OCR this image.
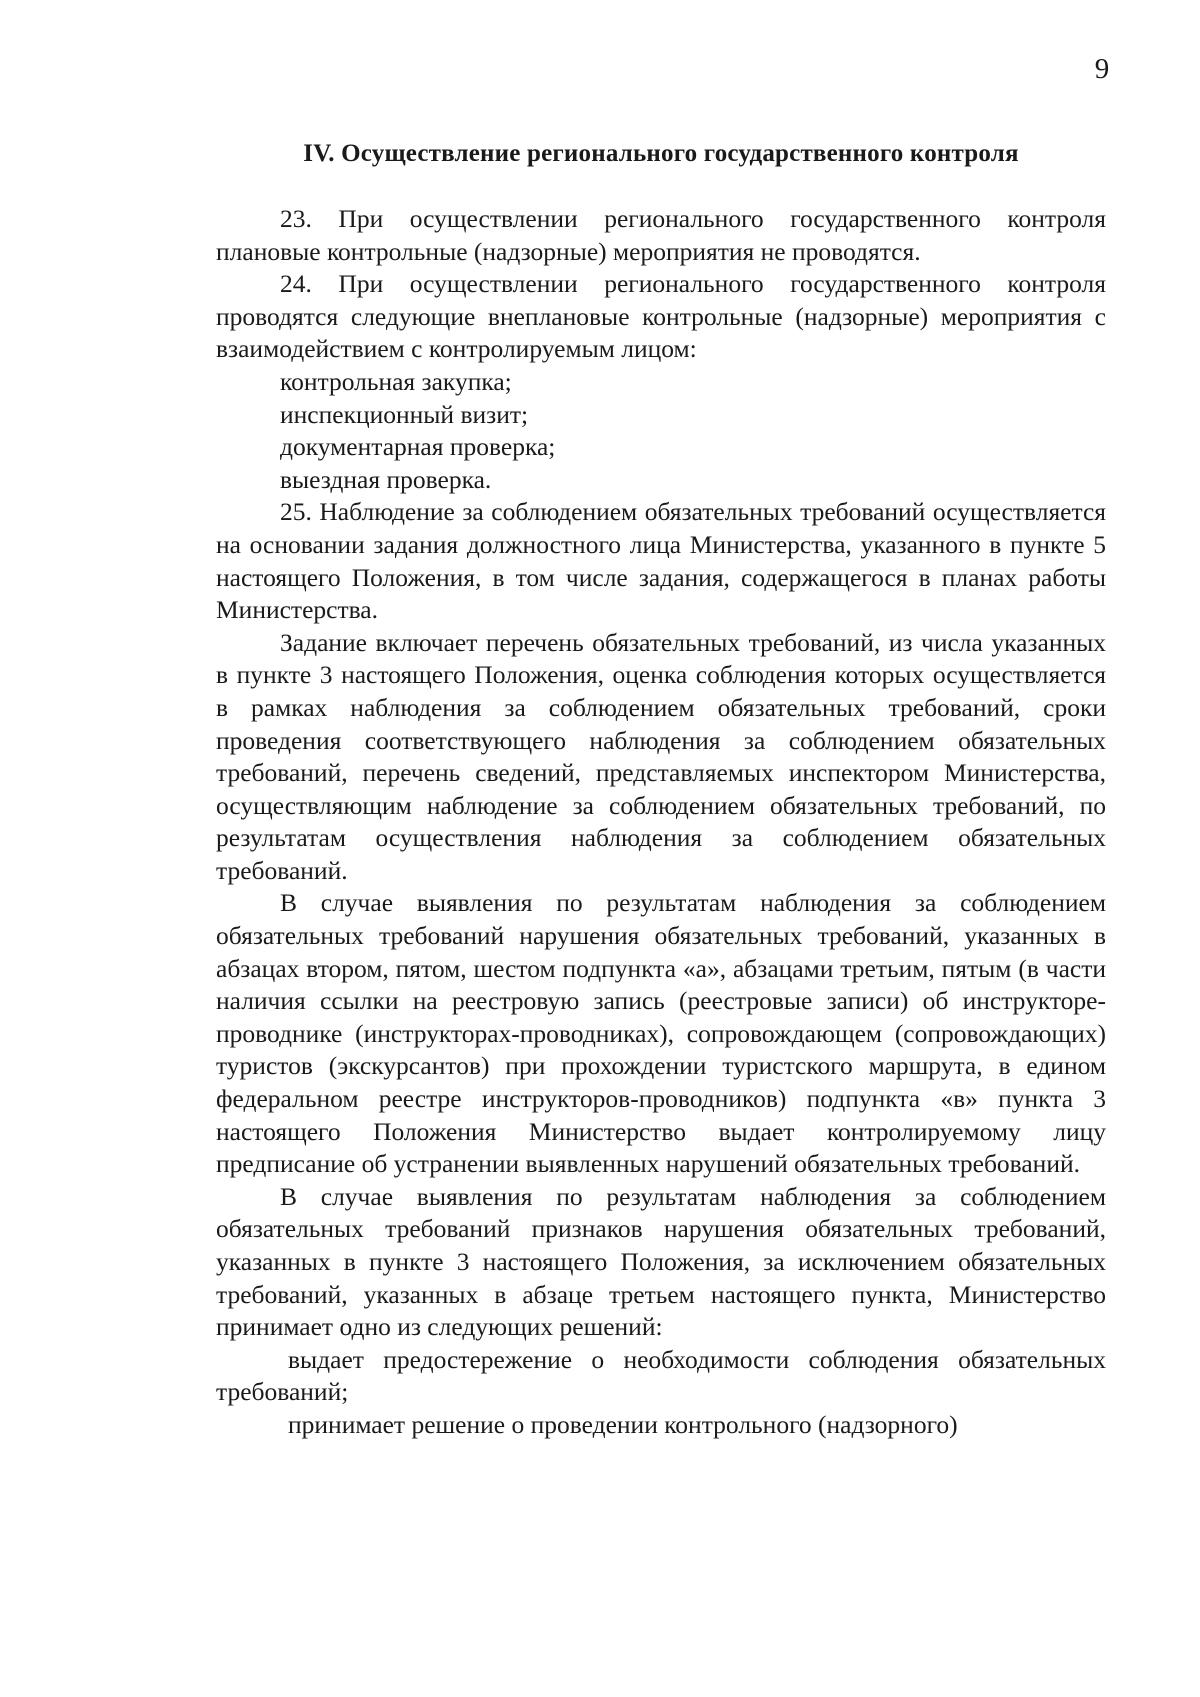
9
IV. Осуществление регионального государственного контроля

23. При осуществлении регионального государственного контроля плановые контрольные (надзорные) мероприятия не проводятся.

24. При осуществлении регионального государственного контроля проводятся следующие внеплановые контрольные (надзорные) мероприятия с взаимодействием с контролируемым лицом:

контрольная закупка;

инспекционный визит;

документарная проверка;

выездная проверка.

25. Наблюдение за соблюдением обязательных требований осуществляется на основании задания должностного лица Министерства, указанного в пункте 5 настоящего Положения, в том числе задания, содержащегося в планах работы Министерства.

Задание включает перечень обязательных требований, из числа указанных в пункте 3 настоящего Положения, оценка соблюдения которых осуществляется в рамках наблюдения за соблюдением обязательных требований, сроки проведения соответствующего наблюдения за соблюдением обязательных требований, перечень сведений, представляемых инспектором Министерства, осуществляющим наблюдение за соблюдением обязательных требований, по результатам осуществления наблюдения за соблюдением обязательных требований.

В случае выявления по результатам наблюдения за соблюдением обязательных требований нарушения обязательных требований, указанных в абзацах втором, пятом, шестом подпункта «а», абзацами третьим, пятым (в части наличия ссылки на реестровую запись (реестровые записи) об инструкторе-проводнике (инструкторах-проводниках), сопровождающем (сопровождающих) туристов (экскурсантов) при прохождении туристского маршрута, в едином федеральном реестре инструкторов-проводников) подпункта «в» пункта 3 настоящего Положения Министерство выдает контролируемому лицу предписание об устранении выявленных нарушений обязательных требований.

В случае выявления по результатам наблюдения за соблюдением обязательных требований признаков нарушения обязательных требований, указанных в пункте 3 настоящего Положения, за исключением обязательных требований, указанных в абзаце третьем настоящего пункта, Министерство принимает одно из следующих решений:

выдает предостережение о необходимости соблюдения обязательных требований;

принимает решение о проведении контрольного (надзорного)
